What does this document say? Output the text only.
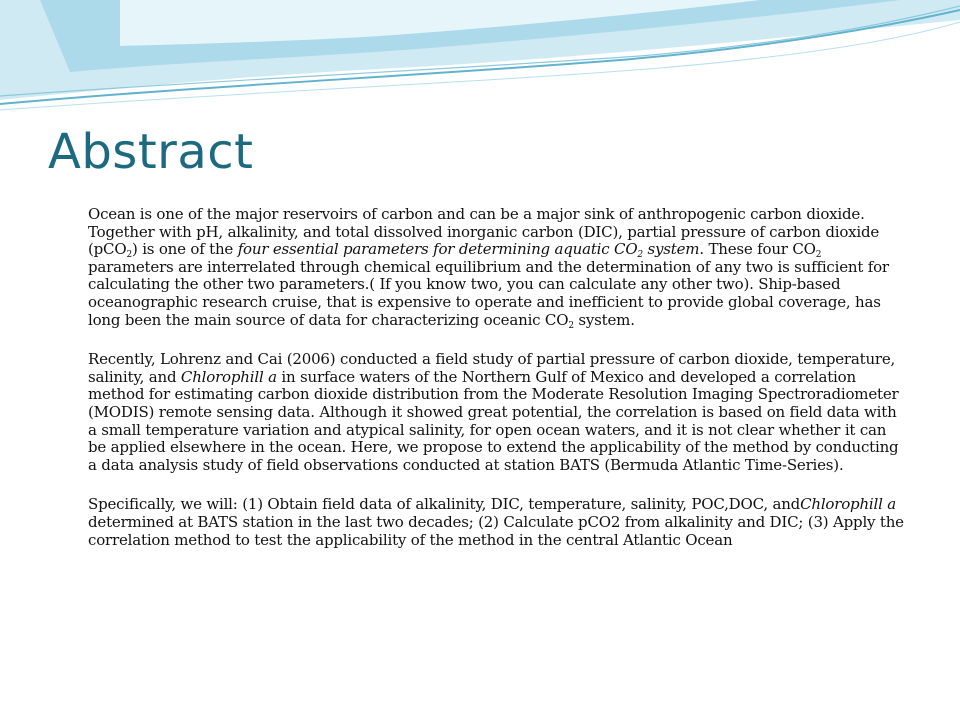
Abstract

Ocean is one of the major reservoirs of carbon and can be a major sink of anthropogenic carbon dioxide. Together with pH, alkalinity, and total dissolved inorganic carbon (DIC), partial pressure of carbon dioxide (pCO$_2$) is one of the four essential parameters for determining aquatic $CO_2$ system. These four $CO_2$ parameters are interrelated through chemical equilibrium and the determination of any two is sufficient for calculating the other two parameters.( If you know two, you can calculate any other two). Ship-based oceanographic research cruise, that is expensive to operate and inefficient to provide global coverage, has long been the main source of data for characterizing oceanic $CO_2$ system.

Recently, Lohrenz and Cai (2006) conducted a field study of partial pressure of carbon dioxide, temperature, salinity, and Chlorophill a in surface waters of the Northern Gulf of Mexico and developed a correlation method for estimating carbon dioxide distribution from the Moderate Resolution Imaging Spectroradiometer (MODIS) remote sensing data. Although it showed great potential, the correlation is based on field data with a small temperature variation and atypical salinity, for open ocean waters, and it is not clear whether it can be applied elsewhere in the ocean. Here, we propose to extend the applicability of the method by conducting a data analysis study of field observations conducted at station BATS (Bermuda Atlantic Time-Series).

Specifically, we will: (1) Obtain field data of alkalinity, DIC, temperature, salinity, POC,DOC, andChlorophill a determined at BATS station in the last two decades; (2) Calculate pCO2 from alkalinity and DIC; (3) Apply the correlation method to test the applicability of the method in the central Atlantic Ocean
